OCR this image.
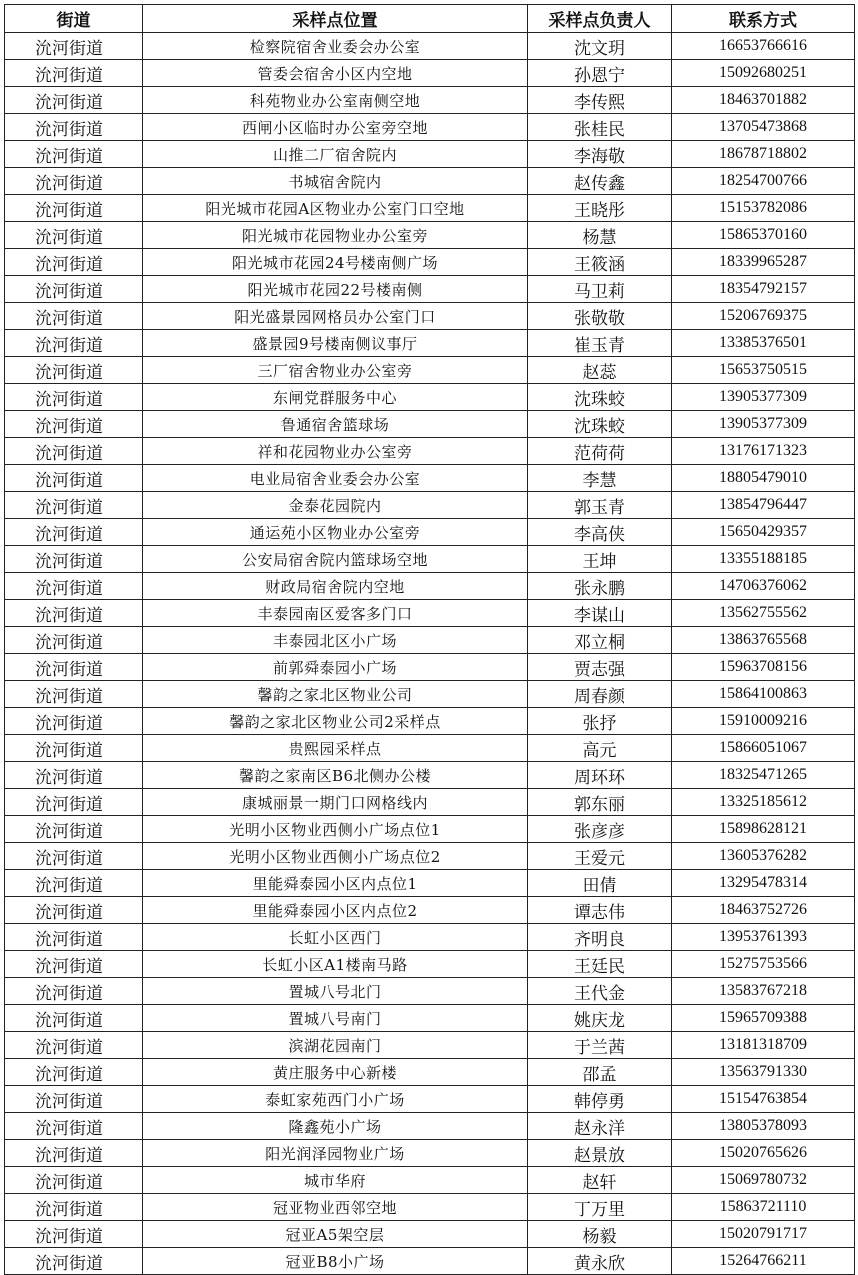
街道	采样点位置	采样点负责人	联系方式
沇河街道	检察院宿舍业委会办公室	沈文玥	16653766616
沇河街道	管委会宿舍小区内空地	孙恩宁	15092680251
沇河街道	科苑物业办公室南侧空地	李传熙	18463701882
沇河街道	西闸小区临时办公室旁空地	张桂民	13705473868
沇河街道	山推二厂宿舍院内	李海敬	18678718802
沇河街道	书城宿舍院内	赵传鑫	18254700766
沇河街道	阳光城市花园A区物业办公室门口空地	王晓彤	15153782086
沇河街道	阳光城市花园物业办公室旁	杨慧	15865370160
沇河街道	阳光城市花园24号楼南侧广场	王筱涵	18339965287
沇河街道	阳光城市花园22号楼南侧	马卫莉	18354792157
沇河街道	阳光盛景园网格员办公室门口	张敬敬	15206769375
沇河街道	盛景园9号楼南侧议事厅	崔玉青	13385376501
沇河街道	三厂宿舍物业办公室旁	赵蕊	15653750515
沇河街道	东闸党群服务中心	沈珠蛟	13905377309
沇河街道	鲁通宿舍篮球场	沈珠蛟	13905377309
沇河街道	祥和花园物业办公室旁	范荷荷	13176171323
沇河街道	电业局宿舍业委会办公室	李慧	18805479010
沇河街道	金泰花园院内	郭玉青	13854796447
沇河街道	通运苑小区物业办公室旁	李高侠	15650429357
沇河街道	公安局宿舍院内篮球场空地	王坤	13355188185
沇河街道	财政局宿舍院内空地	张永鹏	14706376062
沇河街道	丰泰园南区爱客多门口	李谋山	13562755562
沇河街道	丰泰园北区小广场	邓立桐	13863765568
沇河街道	前郭舜泰园小广场	贾志强	15963708156
沇河街道	馨韵之家北区物业公司	周春颜	15864100863
沇河街道	馨韵之家北区物业公司2采样点	张抒	15910009216
沇河街道	贵熙园采样点	高元	15866051067
沇河街道	馨韵之家南区B6北侧办公楼	周环环	18325471265
沇河街道	康城丽景一期门口网格线内	郭东丽	13325185612
沇河街道	光明小区物业西侧小广场点位1	张彦彦	15898628121
沇河街道	光明小区物业西侧小广场点位2	王爱元	13605376282
沇河街道	里能舜泰园小区内点位1	田倩	13295478314
沇河街道	里能舜泰园小区内点位2	谭志伟	18463752726
沇河街道	长虹小区西门	齐明良	13953761393
沇河街道	长虹小区A1楼南马路	王廷民	15275753566
沇河街道	置城八号北门	王代金	13583767218
沇河街道	置城八号南门	姚庆龙	15965709388
沇河街道	滨湖花园南门	于兰茜	13181318709
沇河街道	黄庄服务中心新楼	邵孟	13563791330
沇河街道	泰虹家苑西门小广场	韩停勇	15154763854
沇河街道	隆鑫苑小广场	赵永洋	13805378093
沇河街道	阳光润泽园物业广场	赵景放	15020765626
沇河街道	城市华府	赵轩	15069780732
沇河街道	冠亚物业西邻空地	丁万里	15863721110
沇河街道	冠亚A5架空层	杨毅	15020791717
沇河街道	冠亚B8小广场	黄永欣	15264766211
